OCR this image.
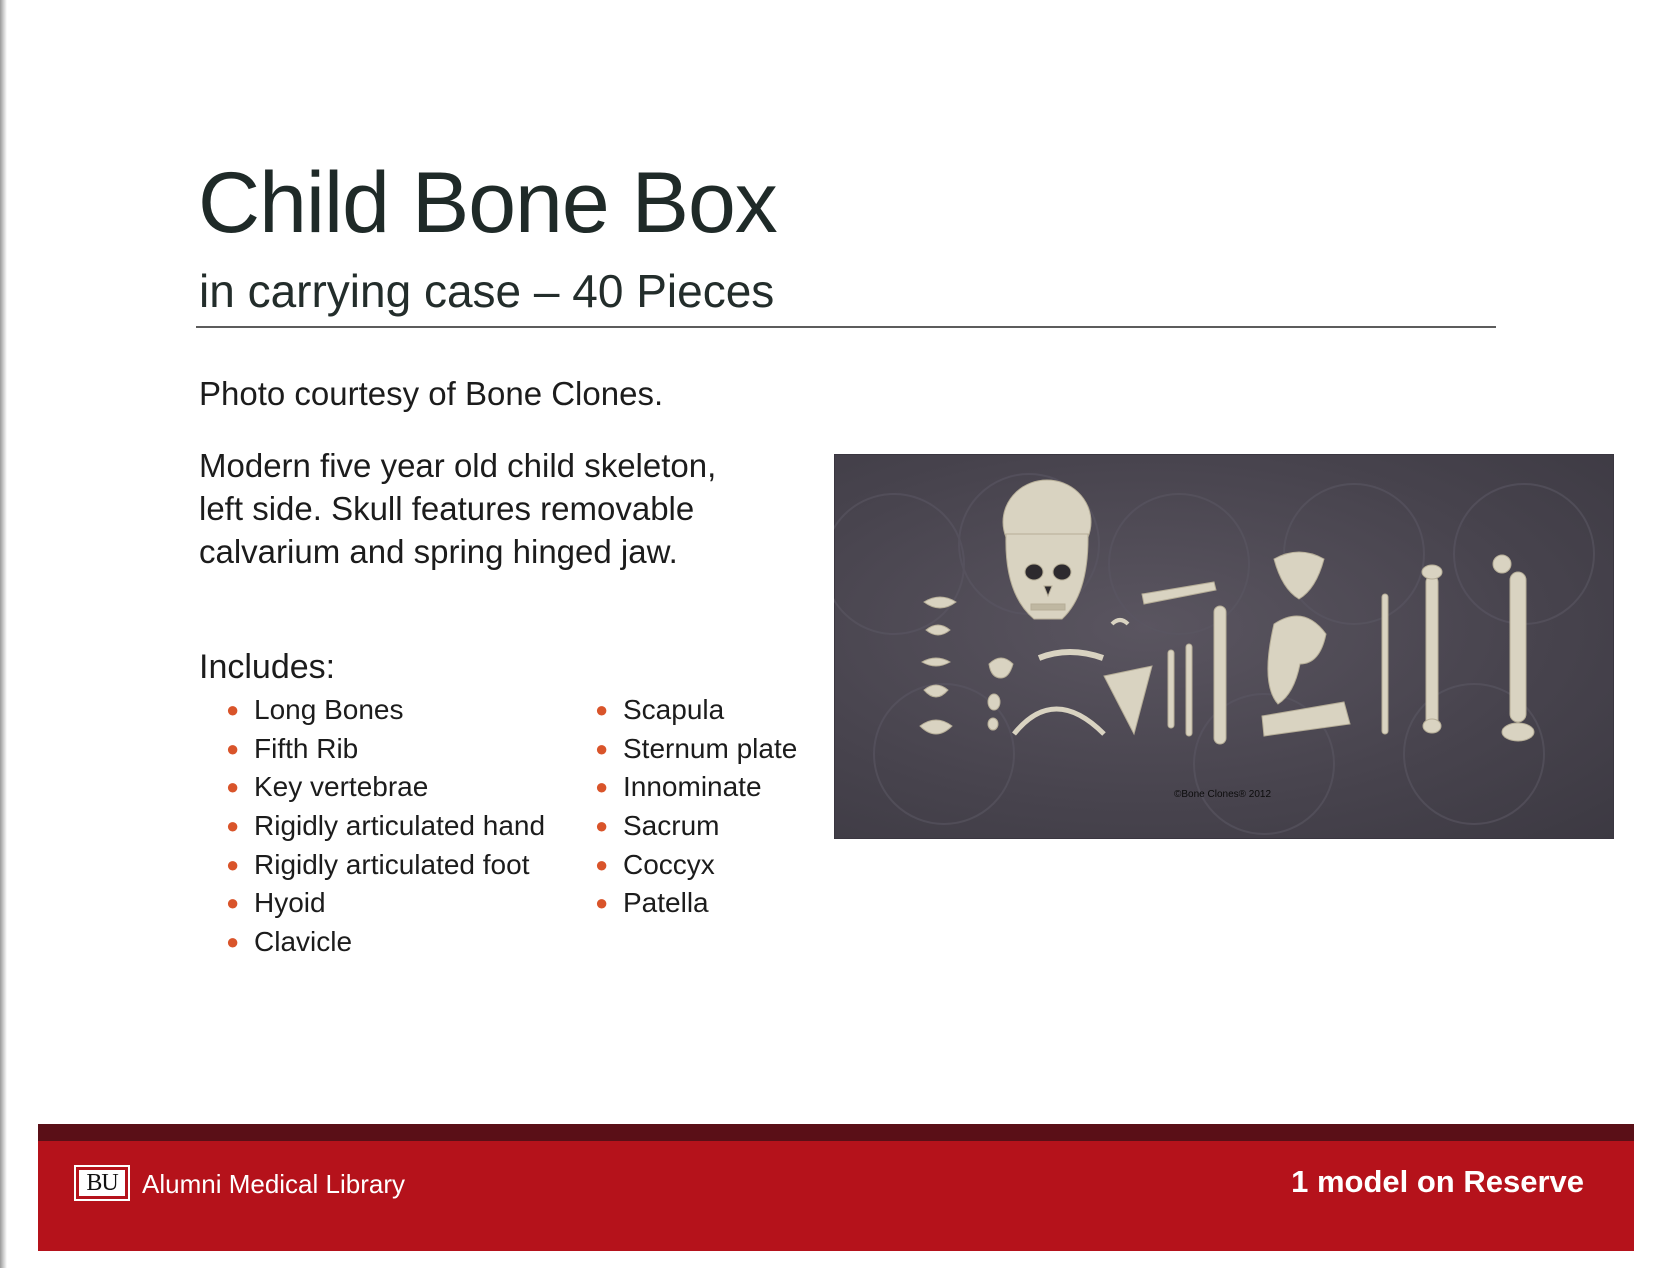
Child Bone Box
in carrying case – 40 Pieces
Photo courtesy of Bone Clones.
Modern five year old child skeleton, left side. Skull features removable calvarium and spring hinged jaw.
Includes:
● Long Bones
● Fifth Rib
● Key vertebrae
● Rigidly articulated hand
● Rigidly articulated foot
● Hyoid
● Clavicle
● Scapula
● Sternum plate
● Innominate
● Sacrum
● Coccyx
● Patella
©Bone Clones® 2012
BU Alumni Medical Library	1 model on Reserve
